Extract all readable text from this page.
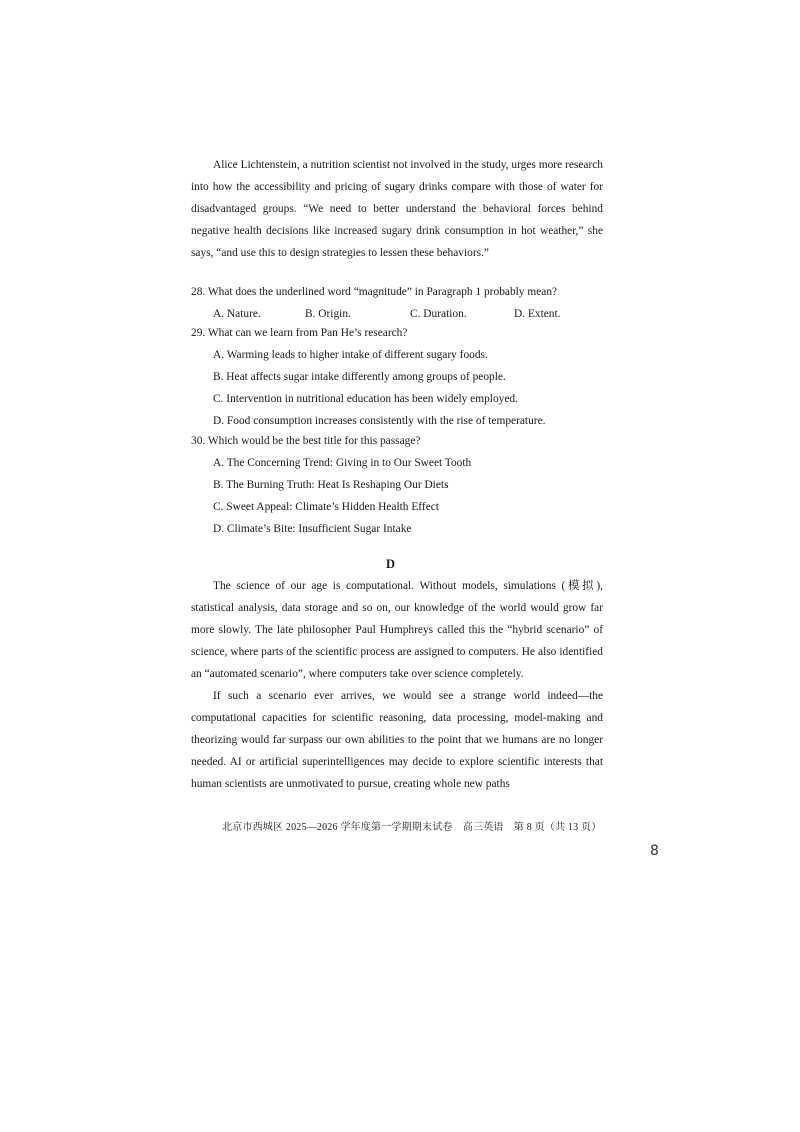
Alice Lichtenstein, a nutrition scientist not involved in the study, urges more research into how the accessibility and pricing of sugary drinks compare with those of water for disadvantaged groups. “We need to better understand the behavioral forces behind negative health decisions like increased sugary drink consumption in hot weather,” she says, “and use this to design strategies to lessen these behaviors.”

28. What does the underlined word “magnitude” in Paragraph 1 probably mean?

A. Nature.	B. Origin.	C. Duration.	D. Extent.

29. What can we learn from Pan He’s research?

A. Warming leads to higher intake of different sugary foods.

B. Heat affects sugar intake differently among groups of people.

C. Intervention in nutritional education has been widely employed.

D. Food consumption increases consistently with the rise of temperature.

30. Which would be the best title for this passage?

A. The Concerning Trend: Giving in to Our Sweet Tooth

B. The Burning Truth: Heat Is Reshaping Our Diets

C. Sweet Appeal: Climate’s Hidden Health Effect

D. Climate’s Bite: Insufficient Sugar Intake

D

The science of our age is computational. Without models, simulations (模拟), statistical analysis, data storage and so on, our knowledge of the world would grow far more slowly. The late philosopher Paul Humphreys called this the “hybrid scenario” of science, where parts of the scientific process are assigned to computers. He also identified an “automated scenario”, where computers take over science completely.

If such a scenario ever arrives, we would see a strange world indeed—the computational capacities for scientific reasoning, data processing, model-making and theorizing would far surpass our own abilities to the point that we humans are no longer needed. AI or artificial superintelligences may decide to explore scientific interests that human scientists are unmotivated to pursue, creating whole new paths

北京市西城区 2025—2026 学年度第一学期期末试卷　高三英语　第 8 页（共 13 页）
8
